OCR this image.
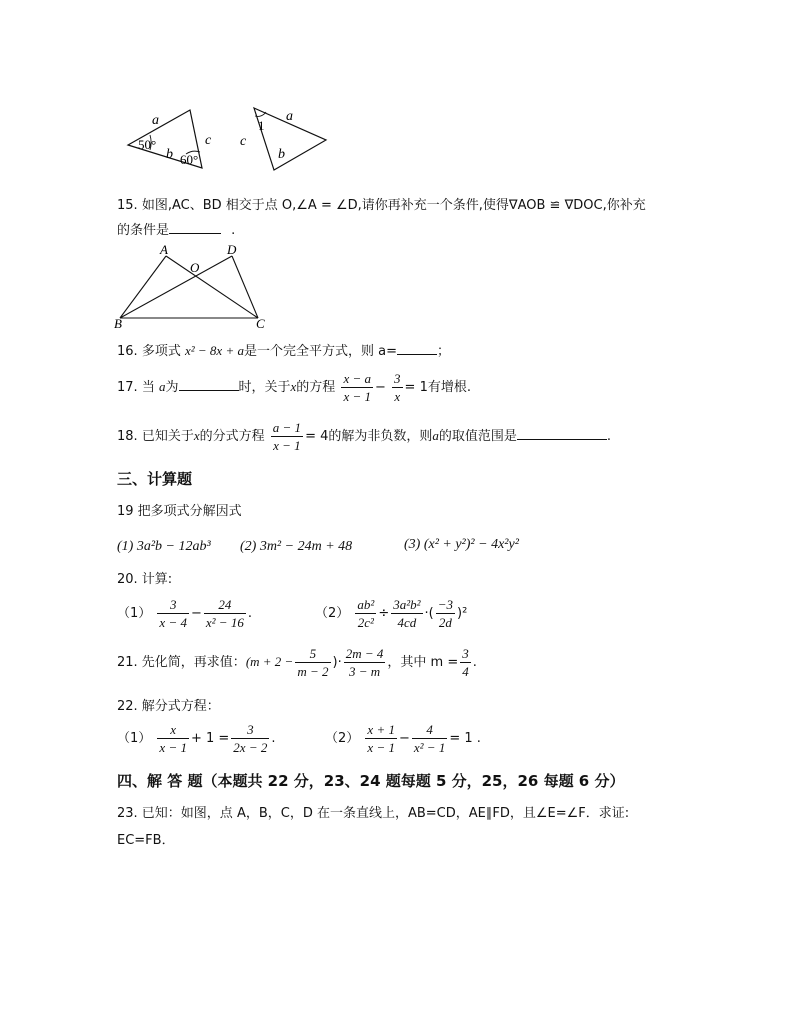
a
c
b
50°
60°
1
a
c
b
15. 如图,AC、BD 相交于点 O,∠A = ∠D,请你再补充一个条件,使得∇AOB ≌ ∇DOC,你补充
的条件是	.
A	D
O
B	C
16. 多项式 x² − 8x + a是一个完全平方式，则 a=	；
17. 当 a为	时，关于x的方程 $\frac{x - a}{x - 1} - \frac{3}{x} = 1$有增根.
18. 已知关于x的分式方程 $\frac{a - 1}{x - 1} = 4$的解为非负数，则a的取值范围是	.
三、计算题
19 把多项式分解因式
(1) 3a²b − 12ab³ (2) 3m² − 24m + 48	(3) (x² + y²)² − 4x²y²
20. 计算:
$(1) \frac{3}{x - 4} - \frac{24}{\text{x² − 16}}$ .	$(2) \frac{\text{ab²}}{\text{2c²}} \div \frac{\text{3a²b²}}{4cd}$ ·( $\frac{-3}{2d} )^2$
21. 先化简，再求值：($m + 2 - \frac{5}{m - 2}$ )· $\frac{2m - 4}{3 - m}$ ，其中 $m = \frac{3}{4}$ .
22. 解分式方程：
$(1) \frac{x}{x - 1} + 1 = \frac{3}{2x - 2}$ .	$(2) \frac{x + 1}{x - 1} - \frac{4}{\text{x² − 1}} = 1$ .
四、解 答 题（本题共 22 分，23、24 题每题 5 分，25，26 每题 6 分）
23. 已知：如图，点 A，B，C，D 在一条直线上，AB=CD，AE∥FD，且∠E=∠F．求证:
EC=FB．
